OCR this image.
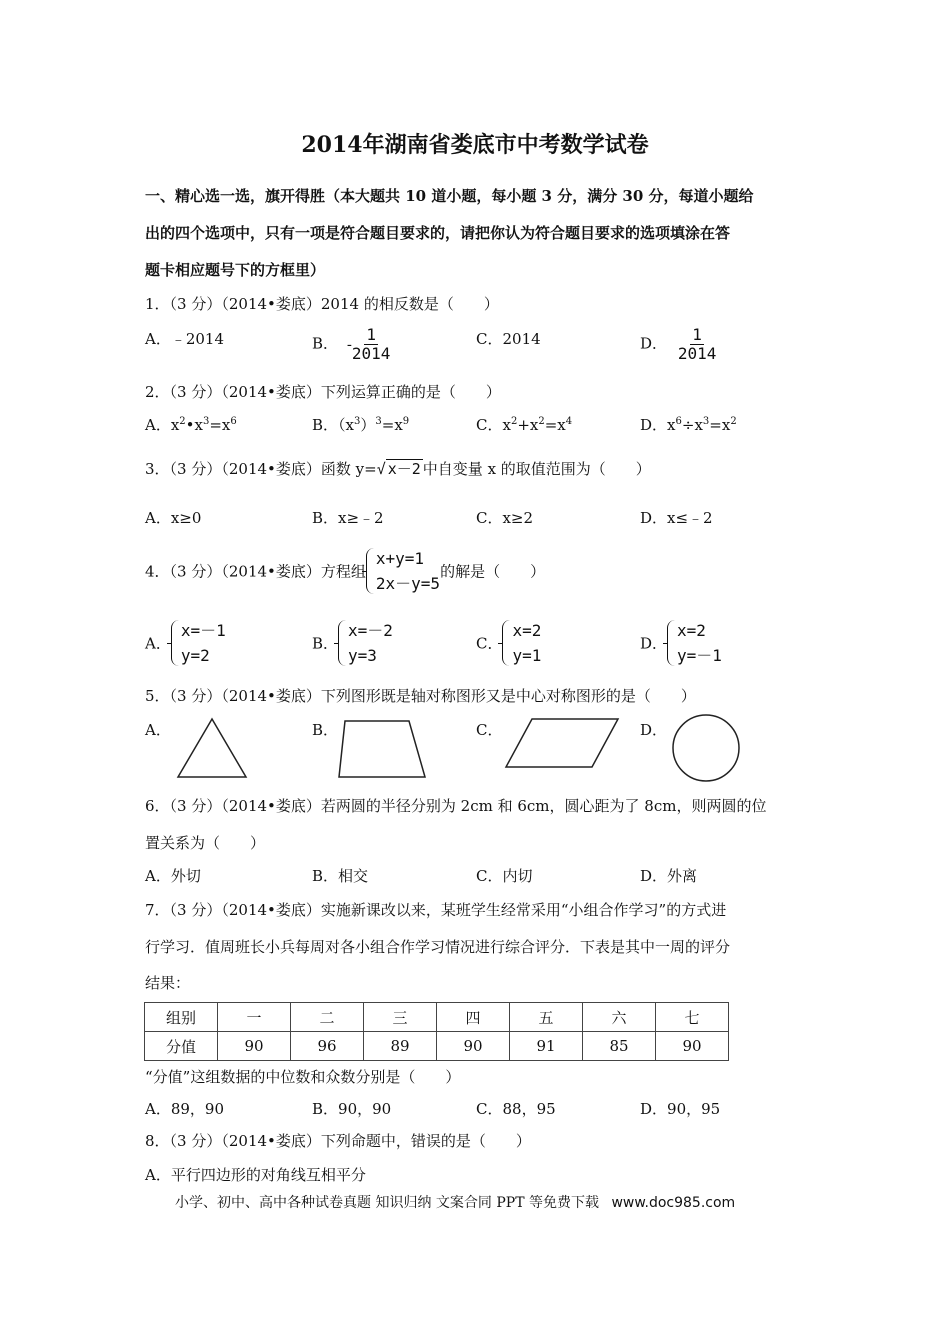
2014年湖南省娄底市中考数学试卷
一、精心选一选，旗开得胜（本大题共 10 道小题，每小题 3 分，满分 30 分，每道小题给
出的四个选项中，只有一项是符合题目要求的，请把你认为符合题目要求的选项填涂在答
题卡相应题号下的方框里）
1．（3 分）（2014•娄底）2014 的相反数是（　　）
A．﹣2014	B． - $\frac{1}{2014}$	C．2014	D． $\frac{1}{2014}$
2．（3 分）（2014•娄底）下列运算正确的是（　　）
A．$x^2•x^3=x^6$	B．$(x^3)^3=x^9$	C．$x^2+x^2=x^4$	D．$x^6\div x^3=x^2$
3．（3 分）（2014•娄底）函数 y=√ x－2 中自变量 x 的取值范围为（　　）
A．x≥0	B．x≥﹣2	C．x≥2	D．x≤﹣2
4．（3 分）（2014•娄底）方程组
x+y=1
2x－y=5
的解是（　　）
A．
x=－1
y=2
B．
x=－2
y=3
C．
x=2
y=1
D．
x=2
y=－1
5．（3 分）（2014•娄底）下列图形既是轴对称图形又是中心对称图形的是（　　）
A．	B．	C．	D．
6．（3 分）（2014•娄底）若两圆的半径分别为 2cm 和 6cm，圆心距为了 8cm，则两圆的位
置关系为（　　）
A．外切	B．相交	C．内切	D．外离
7．（3 分）（2014•娄底）实施新课改以来，某班学生经常采用“小组合作学习”的方式进
行学习．值周班长小兵每周对各小组合作学习情况进行综合评分．下表是其中一周的评分
结果：
组别	一	二	三	四	五	六	七
分值	90	96	89	90	91	85	90
“分值”这组数据的中位数和众数分别是（　　）
A．89，90	B．90，90	C．88，95	D．90，95
8．（3 分）（2014•娄底）下列命题中，错误的是（　　）
A．平行四边形的对角线互相平分
小学、初中、高中各种试卷真题 知识归纳 文案合同 PPT 等免费下载 www.doc985.com
